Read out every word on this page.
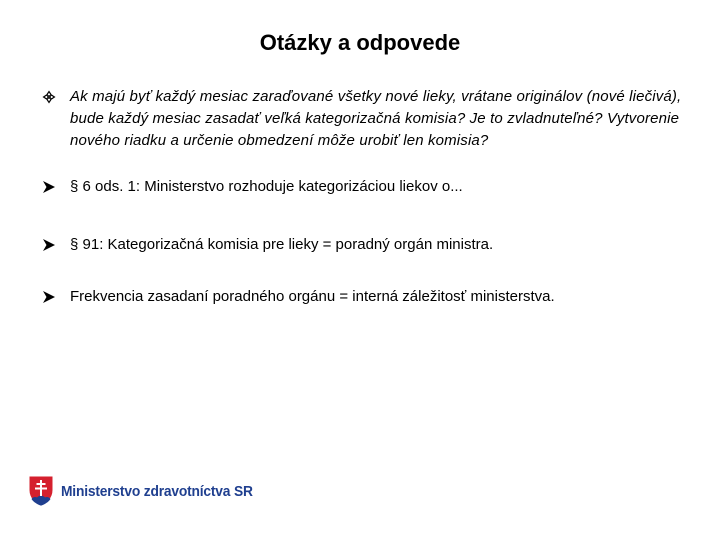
Otázky a odpovede
Ak majú byť každý mesiac zaraďované všetky nové lieky, vrátane originálov (nové liečivá), bude každý mesiac zasadať veľká kategorizačná komisia? Je to zvladnuteľné? Vytvorenie nového riadku a určenie obmedzení môže urobiť len komisia?
§ 6 ods. 1: Ministerstvo rozhoduje kategorizáciou liekov o...
§ 91: Kategorizačná komisia pre lieky = poradný orgán ministra.
Frekvencia zasadaní poradného orgánu = interná záležitosť ministerstva.
Ministerstvo zdravotníctva SR
